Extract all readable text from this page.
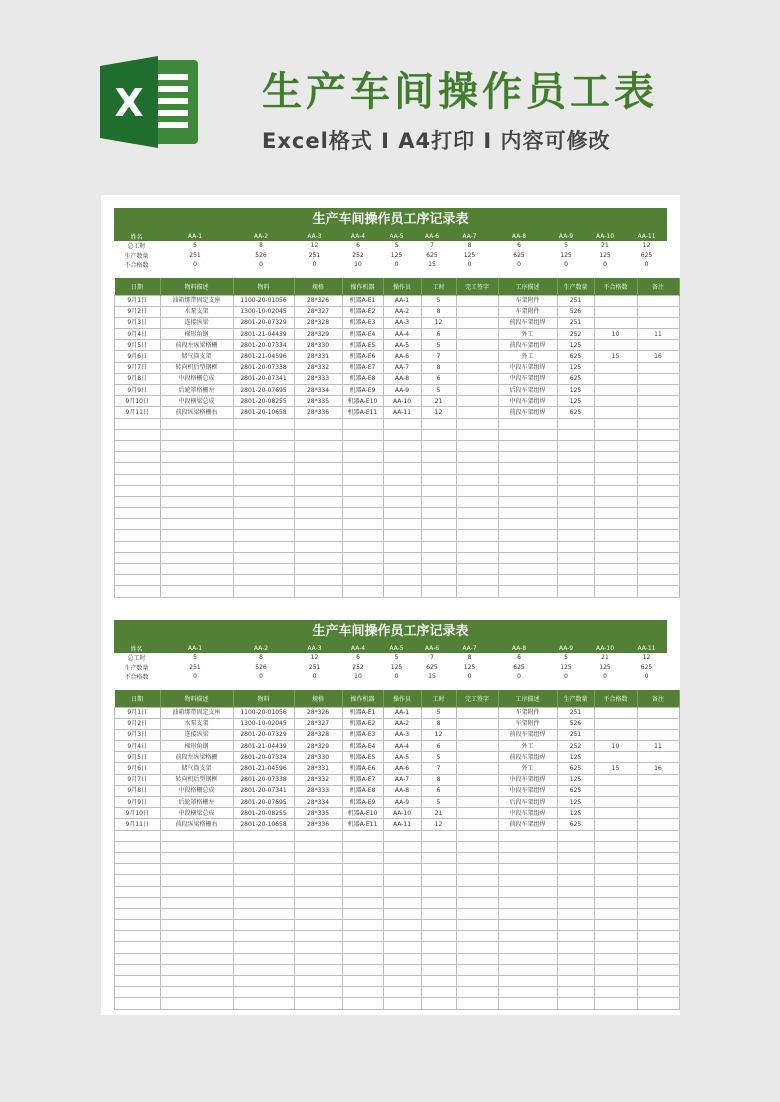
X	生产车间操作员工表
Excel格式 I A4打印 I 内容可修改
生产车间操作员工序记录表
姓名	AA-1	AA-2	AA-3	AA-4	AA-5	AA-6	AA-7	AA-8	AA-9	AA-10	AA-11
总工时	5	8	12	6	5	7	8	6	5	21	12
生产数量	251	526	251	252	125	625	125	625	125	125	625
不合格数	0	0	0	10	0	15	0	0	0	0	0
日期	物料描述	物料	规格	操作机器	操作员	工时	完工签字	工序描述	生产数量	不合格数	备注
9月1日	油箱绑带固定支座	1100-20-01056	28*326	机器A-E1	AA-1	5		车架附件	251		
9月2日	水泵支架	1300-10-02045	28*327	机器A-E2	AA-2	8		车架附件	526		
9月3日	连接纵梁	2801-20-07329	28*328	机器A-E3	AA-3	12		前段车架组焊	251		
9月4日	梯形角钢	2801-21-04439	28*329	机器A-E4	AA-4	6		外工	252	10	11
9月5日	前段左纵梁格栅	2801-20-07334	28*330	机器A-E5	AA-5	5		前段车架组焊	125		
9月6日	储气筒支架	2801-21-04596	28*331	机器A-E6	AA-6	7		外工	625	15	16
9月7日	转向机后型钢框	2801-20-07338	28*332	机器A-E7	AA-7	8		中段车架组焊	125		
9月8日	中段格栅总成	2801-20-07341	28*333	机器A-E8	AA-8	6		中段车架组焊	625		
9月9日	后轮罩格栅左	2801-20-07695	28*334	机器A-E9	AA-9	5		后段车架组焊	125		
9月10日	中段横梁总成	2801-20-08255	28*335	机器A-E10	AA-10	21		中段车架组焊	125		
9月11日	前段纵梁格栅右	2801-20-10658	28*336	机器A-E11	AA-11	12		前段车架组焊	625		

生产车间操作员工序记录表
姓名	AA-1	AA-2	AA-3	AA-4	AA-5	AA-6	AA-7	AA-8	AA-9	AA-10	AA-11
总工时	5	8	12	6	5	7	8	6	5	21	12
生产数量	251	526	251	252	125	625	125	625	125	125	625
不合格数	0	0	0	10	0	15	0	0	0	0	0
日期	物料描述	物料	规格	操作机器	操作员	工时	完工签字	工序描述	生产数量	不合格数	备注
9月1日	油箱绑带固定支座	1100-20-01056	28*326	机器A-E1	AA-1	5		车架附件	251		
9月2日	水泵支架	1300-10-02045	28*327	机器A-E2	AA-2	8		车架附件	526		
9月3日	连接纵梁	2801-20-07329	28*328	机器A-E3	AA-3	12		前段车架组焊	251		
9月4日	梯形角钢	2801-21-04439	28*329	机器A-E4	AA-4	6		外工	252	10	11
9月5日	前段左纵梁格栅	2801-20-07334	28*330	机器A-E5	AA-5	5		前段车架组焊	125		
9月6日	储气筒支架	2801-21-04596	28*331	机器A-E6	AA-6	7		外工	625	15	16
9月7日	转向机后型钢框	2801-20-07338	28*332	机器A-E7	AA-7	8		中段车架组焊	125		
9月8日	中段格栅总成	2801-20-07341	28*333	机器A-E8	AA-8	6		中段车架组焊	625		
9月9日	后轮罩格栅左	2801-20-07695	28*334	机器A-E9	AA-9	5		后段车架组焊	125		
9月10日	中段横梁总成	2801-20-08255	28*335	机器A-E10	AA-10	21		中段车架组焊	125		
9月11日	前段纵梁格栅右	2801-20-10658	28*336	机器A-E11	AA-11	12		前段车架组焊	625		
